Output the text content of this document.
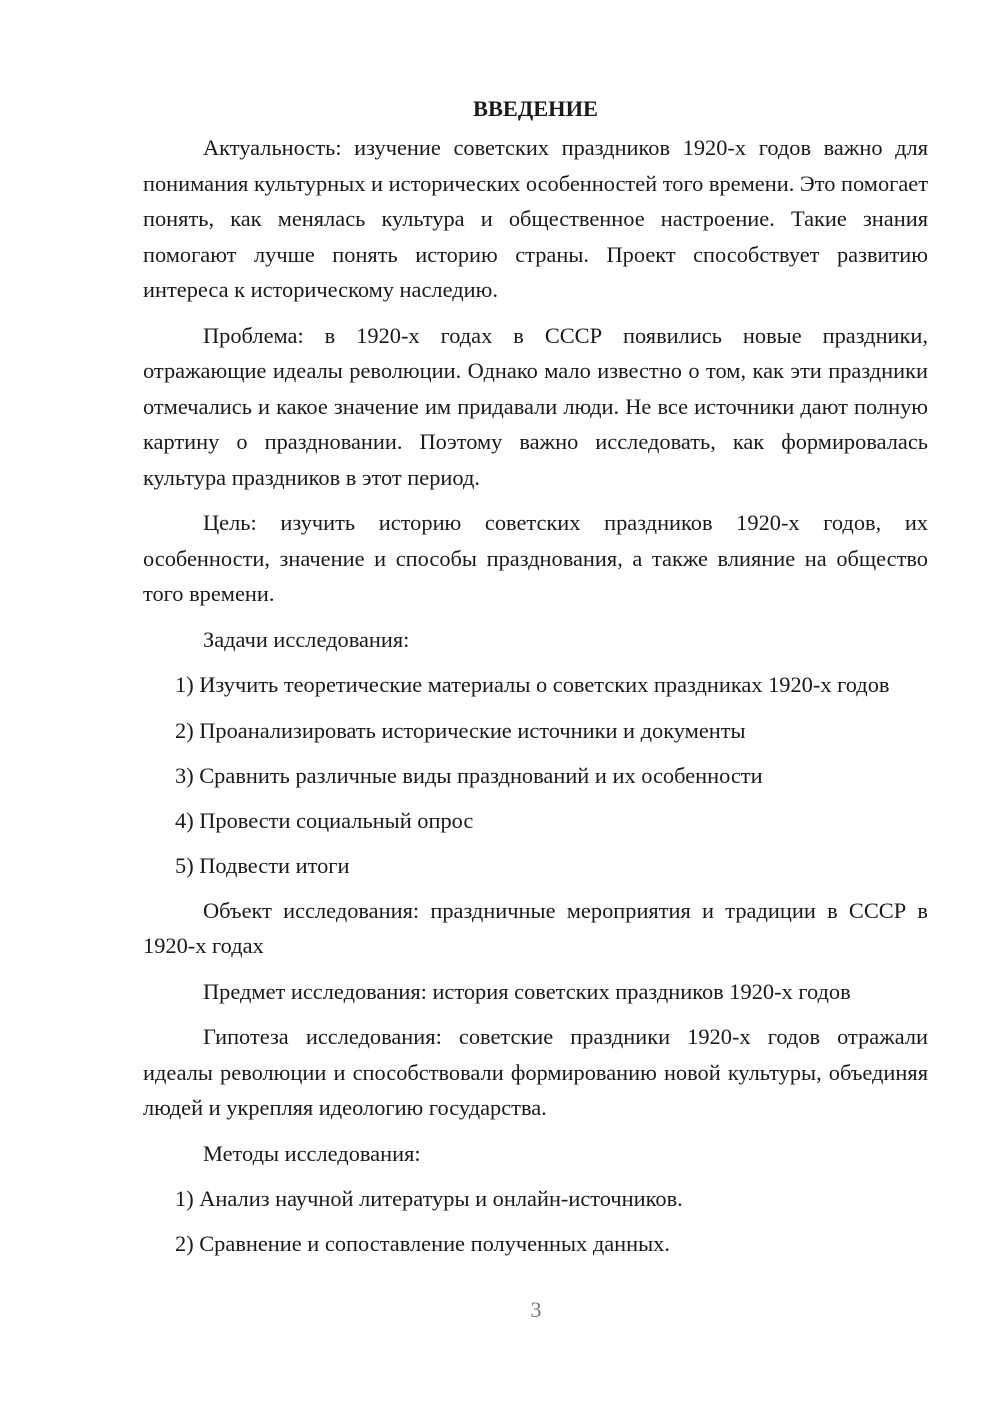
ВВЕДЕНИЕ

Актуальность: изучение советских праздников 1920-х годов важно для понимания культурных и исторических особенностей того времени. Это помогает понять, как менялась культура и общественное настроение. Такие знания помогают лучше понять историю страны. Проект способствует развитию интереса к историческому наследию.

Проблема: в 1920-х годах в СССР появились новые праздники, отражающие идеалы революции. Однако мало известно о том, как эти праздники отмечались и какое значение им придавали люди. Не все источники дают полную картину о праздновании. Поэтому важно исследовать, как формировалась культура праздников в этот период.

Цель: изучить историю советских праздников 1920-х годов, их особенности, значение и способы празднования, а также влияние на общество того времени.

Задачи исследования:

1) Изучить теоретические материалы о советских праздниках 1920-х годов
2) Проанализировать исторические источники и документы
3) Сравнить различные виды празднований и их особенности
4) Провести социальный опрос
5) Подвести итоги

Объект исследования: праздничные мероприятия и традиции в СССР в 1920-х годах

Предмет исследования: история советских праздников 1920-х годов

Гипотеза исследования: советские праздники 1920-х годов отражали идеалы революции и способствовали формированию новой культуры, объединяя людей и укрепляя идеологию государства.

Методы исследования:

1) Анализ научной литературы и онлайн-источников.
2) Сравнение и сопоставление полученных данных.
3
